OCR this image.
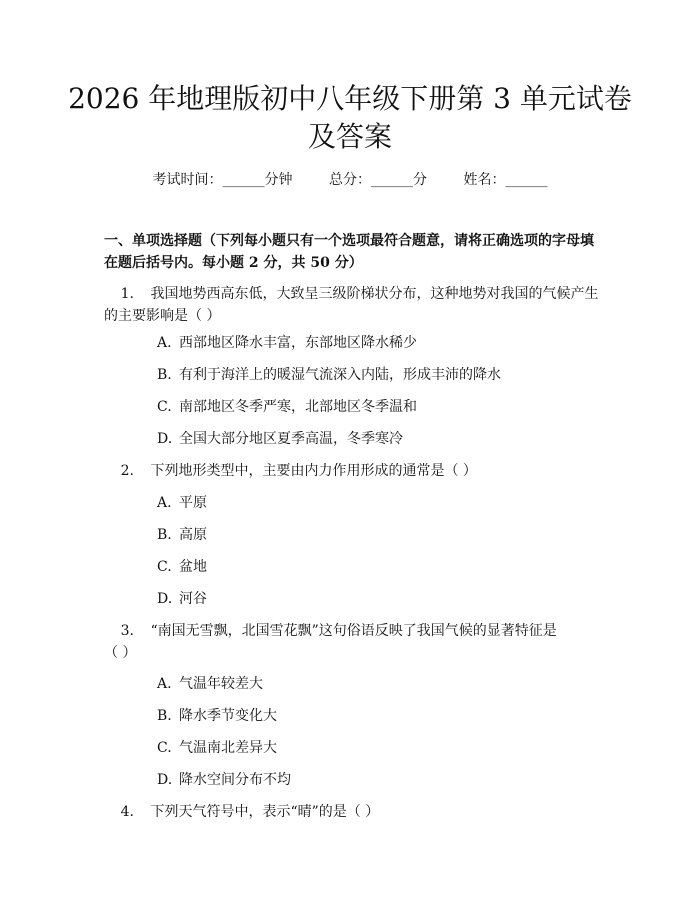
2026 年地理版初中八年级下册第 3 单元试卷
及答案
考试时间：______分钟	总分：______分	姓名：______
一、单项选择题（下列每小题只有一个选项最符合题意，请将正确选项的字母填
在题后括号内。每小题 2 分，共 50 分）
1. 我国地势西高东低，大致呈三级阶梯状分布，这种地势对我国的气候产生
的主要影响是（ ）
A. 西部地区降水丰富，东部地区降水稀少
B. 有利于海洋上的暖湿气流深入内陆，形成丰沛的降水
C. 南部地区冬季严寒，北部地区冬季温和
D. 全国大部分地区夏季高温，冬季寒冷
2. 下列地形类型中，主要由内力作用形成的通常是（ ）
A. 平原
B. 高原
C. 盆地
D. 河谷
3. “南国无雪飘，北国雪花飘”这句俗语反映了我国气候的显著特征是
（ ）
A. 气温年较差大
B. 降水季节变化大
C. 气温南北差异大
D. 降水空间分布不均
4. 下列天气符号中，表示“晴”的是（ ）
